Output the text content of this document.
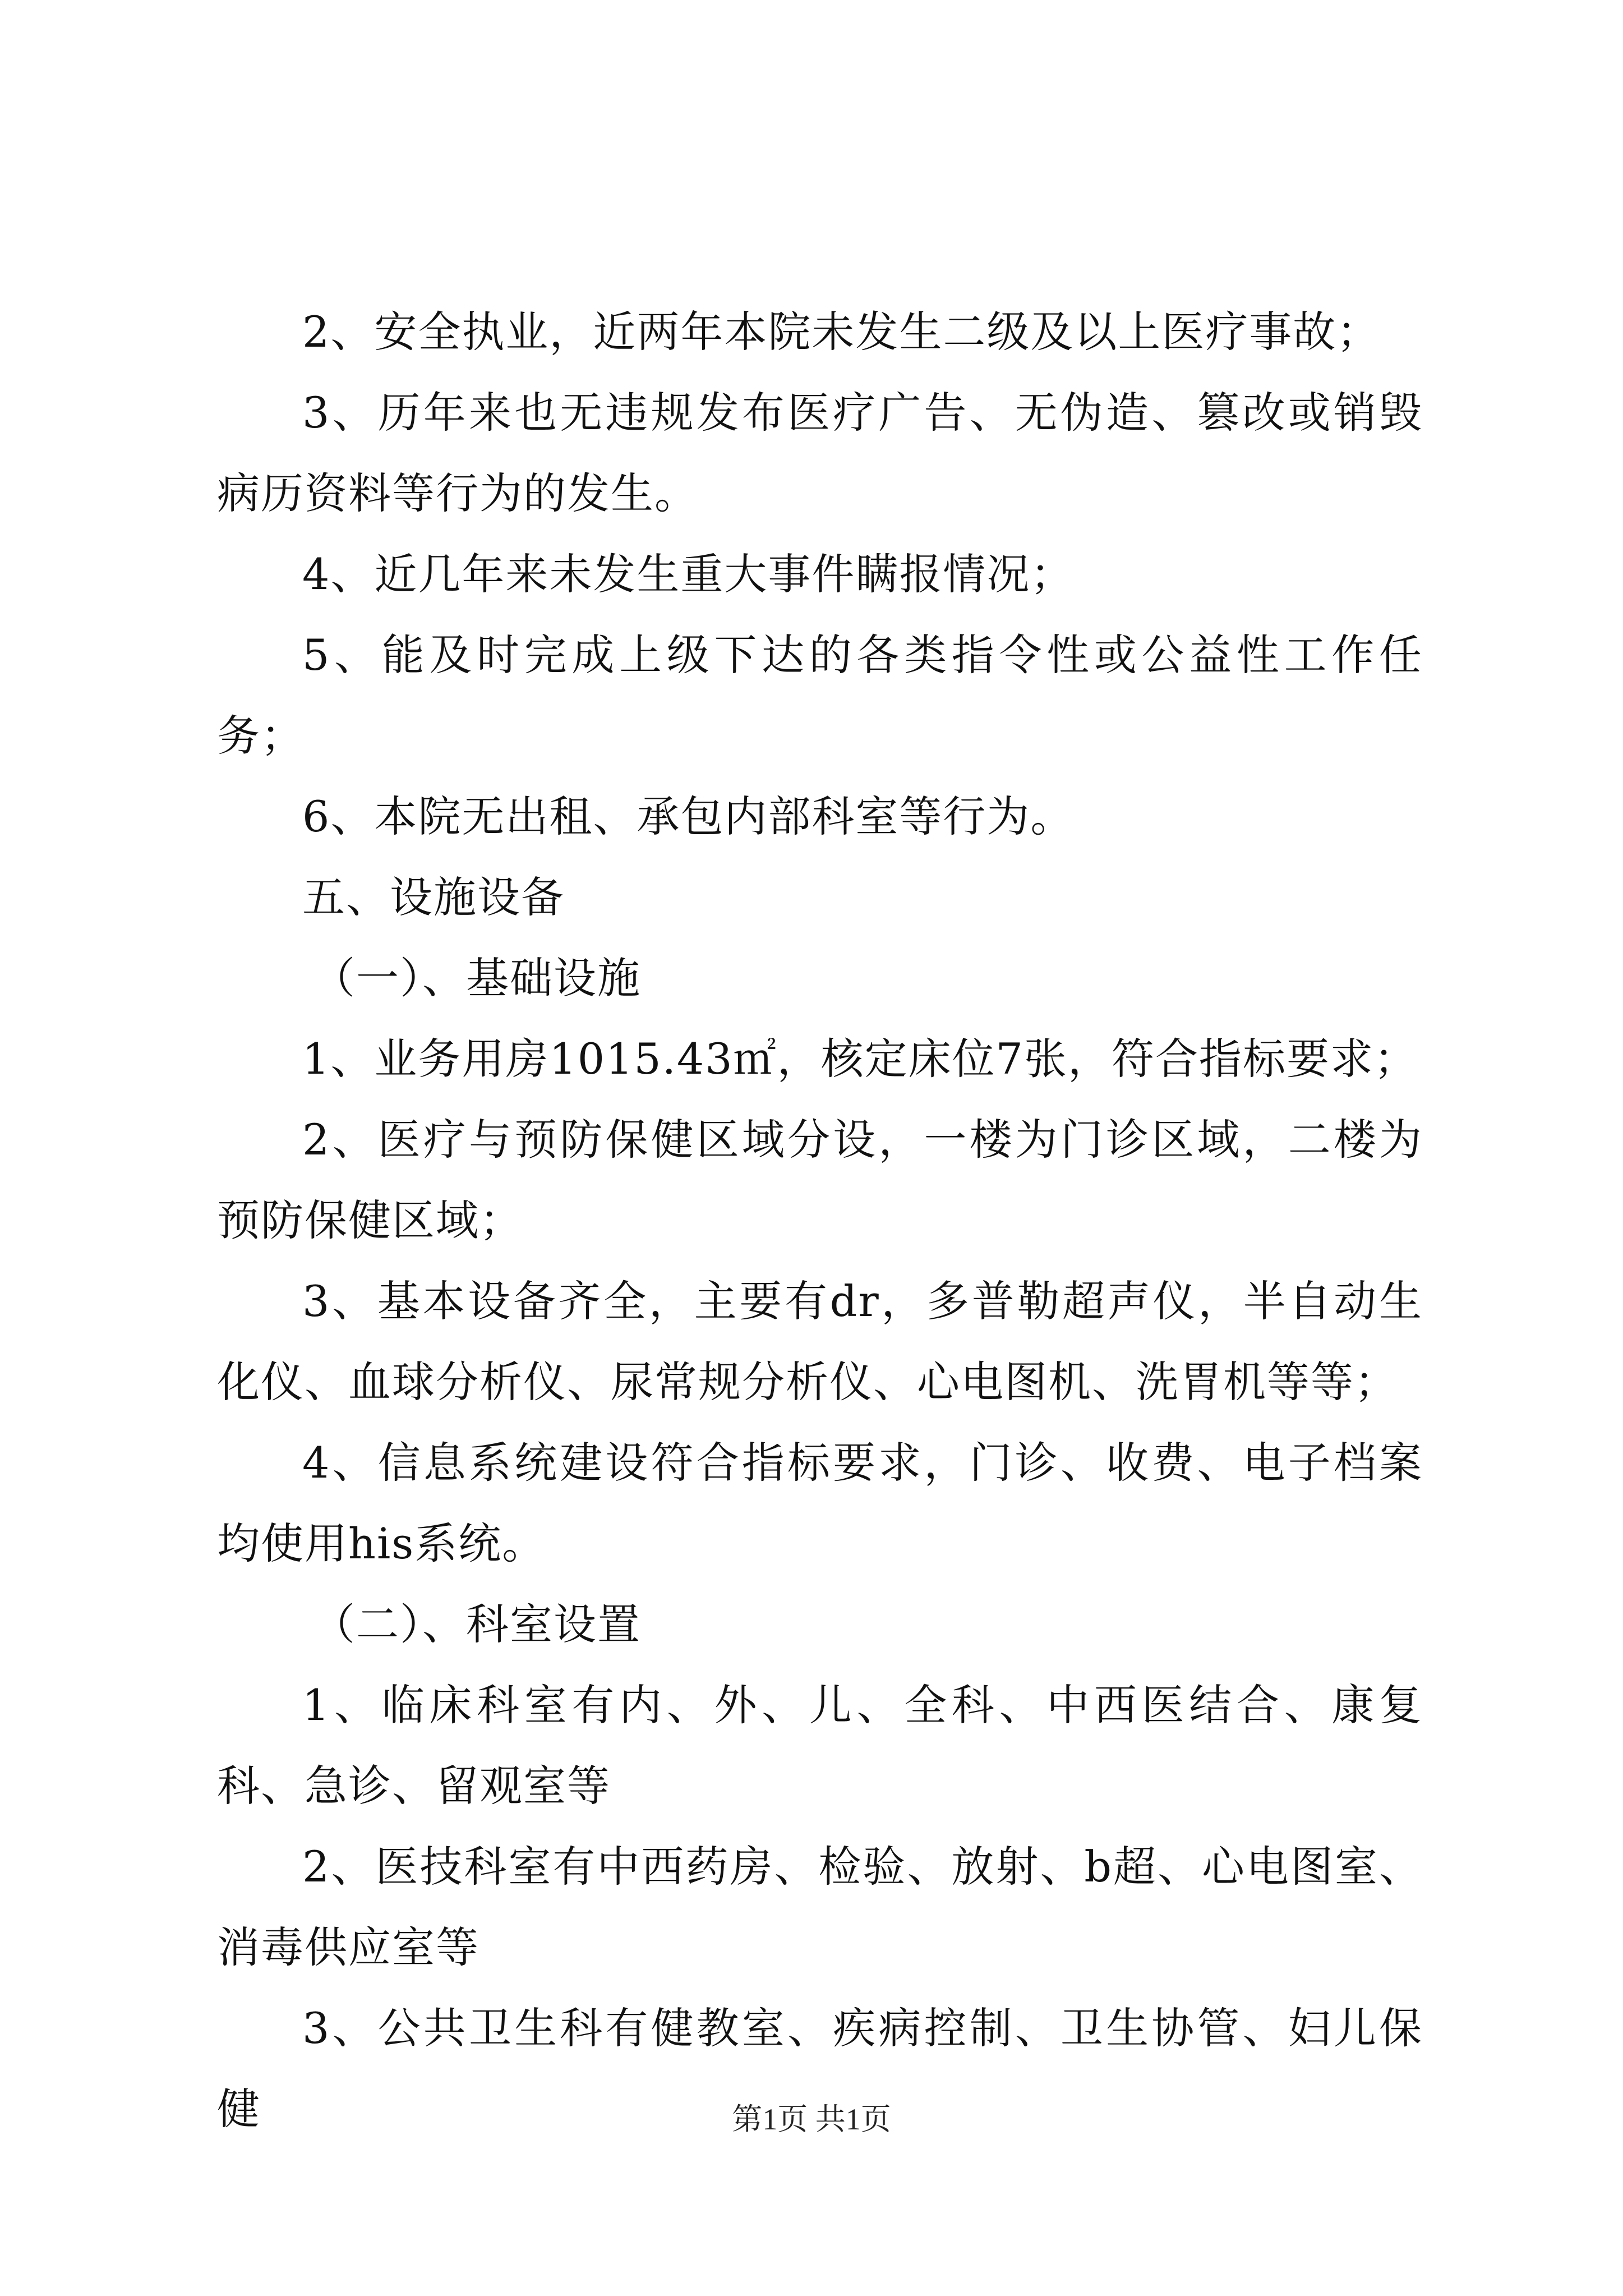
2、安全执业，近两年本院未发生二级及以上医疗事故；

3、历年来也无违规发布医疗广告、无伪造、篡改或销毁病历资料等行为的发生。

4、近几年来未发生重大事件瞒报情况；

5、能及时完成上级下达的各类指令性或公益性工作任务；

6、本院无出租、承包内部科室等行为。

五、设施设备

（一）、基础设施

1、业务用房1015.43㎡，核定床位7张，符合指标要求；

2、医疗与预防保健区域分设，一楼为门诊区域，二楼为预防保健区域；

3、基本设备齐全，主要有dr，多普勒超声仪，半自动生化仪、血球分析仪、尿常规分析仪、心电图机、洗胃机等等；

4、信息系统建设符合指标要求，门诊、收费、电子档案均使用his系统。

（二）、科室设置

1、临床科室有内、外、儿、全科、中西医结合、康复科、急诊、留观室等

2、医技科室有中西药房、检验、放射、b超、心电图室、消毒供应室等

3、公共卫生科有健教室、疾病控制、卫生协管、妇儿保健	第1页 共1页
